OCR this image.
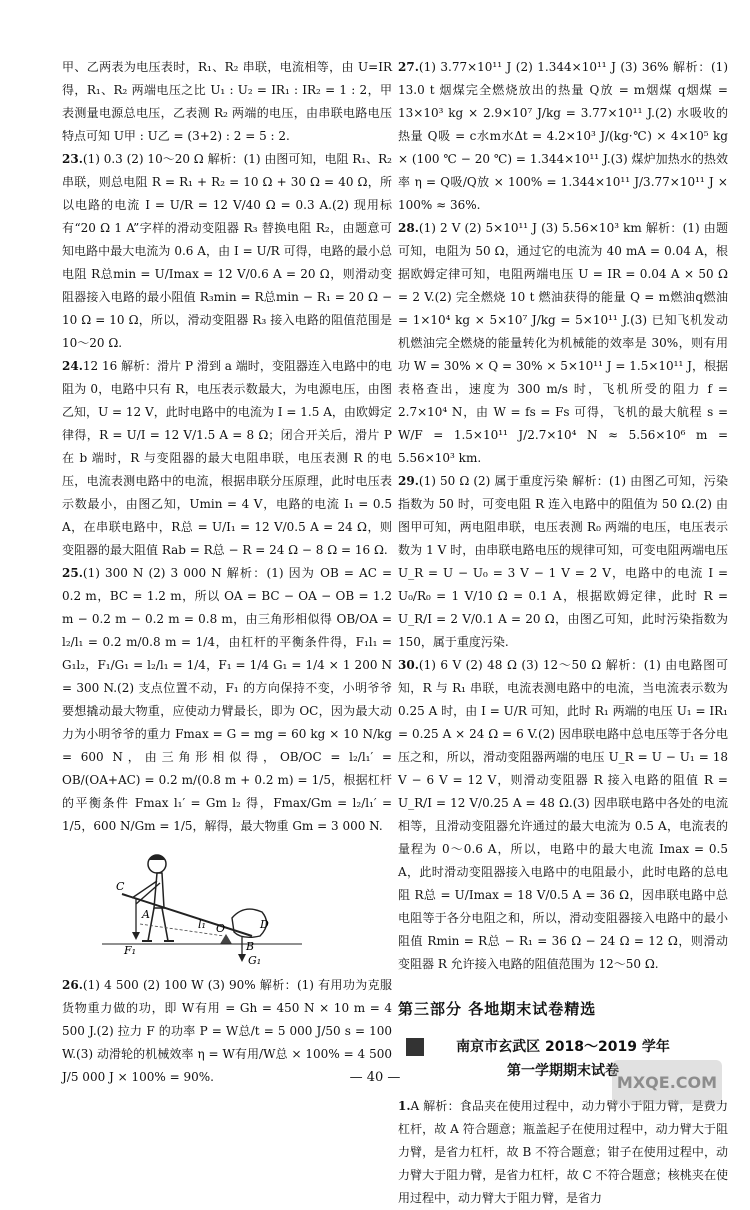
甲、乙两表为电压表时，R₁、R₂ 串联，电流相等，由 U=IR 得，R₁、R₂ 两端电压之比 U₁ : U₂ = IR₁ : IR₂ = 1 : 2，甲表测量电源总电压，乙表测 R₂ 两端的电压，由串联电路电压特点可知 U甲 : U乙 = (3+2) : 2 = 5 : 2.

23.(1) 0.3 (2) 10～20 Ω 解析：(1) 由图可知，电阻 R₁、R₂ 串联，则总电阻 R = R₁ + R₂ = 10 Ω + 30 Ω = 40 Ω，所以电路的电流 I = U/R = 12 V/40 Ω = 0.3 A.(2) 现用标有“20 Ω 1 A”字样的滑动变阻器 R₃ 替换电阻 R₂，由题意可知电路中最大电流为 0.6 A，由 I = U/R 可得，电路的最小总电阻 R总min = U/Imax = 12 V/0.6 A = 20 Ω，则滑动变阻器接入电路的最小阻值 R₃min = R总min − R₁ = 20 Ω − 10 Ω = 10 Ω，所以，滑动变阻器 R₃ 接入电路的阻值范围是 10～20 Ω.

24.12 16 解析：滑片 P 滑到 a 端时，变阻器连入电路中的电阻为 0，电路中只有 R，电压表示数最大，为电源电压，由图乙知，U = 12 V，此时电路中的电流为 I = 1.5 A，由欧姆定律得，R = U/I = 12 V/1.5 A = 8 Ω；闭合开关后，滑片 P 在 b 端时，R 与变阻器的最大电阻串联，电压表测 R 的电压，电流表测电路中的电流，根据串联分压原理，此时电压表示数最小，由图乙知，Umin = 4 V，电路的电流 I₁ = 0.5 A，在串联电路中，R总 = U/I₁ = 12 V/0.5 A = 24 Ω，则变阻器的最大阻值 Rab = R总 − R = 24 Ω − 8 Ω = 16 Ω.

25.(1) 300 N (2) 3 000 N 解析：(1) 因为 OB = AC = 0.2 m，BC = 1.2 m，所以 OA = BC − OA − OB = 1.2 m − 0.2 m − 0.2 m = 0.8 m，由三角形相似得 OB/OA = l₂/l₁ = 0.2 m/0.8 m = 1/4，由杠杆的平衡条件得，F₁l₁ = G₁l₂，F₁/G₁ = l₂/l₁ = 1/4，F₁ = 1/4 G₁ = 1/4 × 1 200 N = 300 N.(2) 支点位置不动，F₁ 的方向保持不变，小明爷爷要想撬动最大物重，应使动力臂最长，即为 OC，因为最大动力为小明爷爷的重力 Fmax = G = mg = 60 kg × 10 N/kg = 600 N，由三角形相似得，OB/OC = l₂/l₁′ = OB/(OA+AC) = 0.2 m/(0.8 m + 0.2 m) = 1/5，根据杠杆的平衡条件 Fmax l₁′ = Gm l₂ 得，Fmax/Gm = l₂/l₁′ = 1/5，600 N/Gm = 1/5，解得，最大物重 Gm = 3 000 N.

C
A
l₁ O	D
B
F₁
G₁

26.(1) 4 500 (2) 100 W (3) 90% 解析：(1) 有用功为克服货物重力做的功，即 W有用 = Gh = 450 N × 10 m = 4 500 J.(2) 拉力 F 的功率 P = W总/t = 5 000 J/50 s = 100 W.(3) 动滑轮的机械效率 η = W有用/W总 × 100% = 4 500 J/5 000 J × 100% = 90%.

27.(1) 3.77×10¹¹ J (2) 1.344×10¹¹ J (3) 36% 解析：(1) 13.0 t 烟煤完全燃烧放出的热量 Q放 = m烟煤 q烟煤 = 13×10³ kg × 2.9×10⁷ J/kg = 3.77×10¹¹ J.(2) 水吸收的热量 Q吸 = c水m水Δt = 4.2×10³ J/(kg·℃) × 4×10⁵ kg × (100 ℃ − 20 ℃) = 1.344×10¹¹ J.(3) 煤炉加热水的热效率 η = Q吸/Q放 × 100% = 1.344×10¹¹ J/3.77×10¹¹ J × 100% ≈ 36%.

28.(1) 2 V (2) 5×10¹¹ J (3) 5.56×10³ km 解析：(1) 由题可知，电阻为 50 Ω，通过它的电流为 40 mA = 0.04 A，根据欧姆定律可知，电阻两端电压 U = IR = 0.04 A × 50 Ω = 2 V.(2) 完全燃烧 10 t 燃油获得的能量 Q = m燃油q燃油 = 1×10⁴ kg × 5×10⁷ J/kg = 5×10¹¹ J.(3) 已知飞机发动机燃油完全燃烧的能量转化为机械能的效率是 30%，则有用功 W = 30% × Q = 30% × 5×10¹¹ J = 1.5×10¹¹ J，根据表格查出，速度为 300 m/s 时，飞机所受的阻力 f = 2.7×10⁴ N，由 W = fs = Fs 可得，飞机的最大航程 s = W/F = 1.5×10¹¹ J/2.7×10⁴ N ≈ 5.56×10⁶ m = 5.56×10³ km.

29.(1) 50 Ω (2) 属于重度污染 解析：(1) 由图乙可知，污染指数为 50 时，可变电阻 R 连入电路中的阻值为 50 Ω.(2) 由图甲可知，两电阻串联，电压表测 R₀ 两端的电压，电压表示数为 1 V 时，由串联电路电压的规律可知，可变电阻两端电压 U_R = U − U₀ = 3 V − 1 V = 2 V，电路中的电流 I = U₀/R₀ = 1 V/10 Ω = 0.1 A，根据欧姆定律，此时 R = U_R/I = 2 V/0.1 A = 20 Ω，由图乙可知，此时污染指数为 150，属于重度污染.

30.(1) 6 V (2) 48 Ω (3) 12～50 Ω 解析：(1) 由电路图可知，R 与 R₁ 串联，电流表测电路中的电流，当电流表示数为 0.25 A 时，由 I = U/R 可知，此时 R₁ 两端的电压 U₁ = IR₁ = 0.25 A × 24 Ω = 6 V.(2) 因串联电路中总电压等于各分电压之和，所以，滑动变阻器两端的电压 U_R = U − U₁ = 18 V − 6 V = 12 V，则滑动变阻器 R 接入电路的阻值 R = U_R/I = 12 V/0.25 A = 48 Ω.(3) 因串联电路中各处的电流相等，且滑动变阻器允许通过的最大电流为 0.5 A，电流表的量程为 0～0.6 A，所以，电路中的最大电流 Imax = 0.5 A，此时滑动变阻器接入电路中的电阻最小，此时电路的总电阻 R总 = U/Imax = 18 V/0.5 A = 36 Ω，因串联电路中总电阻等于各分电阻之和，所以，滑动变阻器接入电路中的最小阻值 Rmin = R总 − R₁ = 36 Ω − 24 Ω = 12 Ω，则滑动变阻器 R 允许接入电路的阻值范围为 12～50 Ω.

第三部分 各地期末试卷精选
南京市玄武区 2018～2019 学年
第一学期期末试卷

1.A 解析：食品夹在使用过程中，动力臂小于阻力臂，是费力杠杆，故 A 符合题意；瓶盖起子在使用过程中，动力臂大于阻力臂，是省力杠杆，故 B 不符合题意；钳子在使用过程中，动力臂大于阻力臂，是省力杠杆，故 C 不符合题意；核桃夹在使用过程中，动力臂大于阻力臂，是省力

— 40 —	MXQE.COM
